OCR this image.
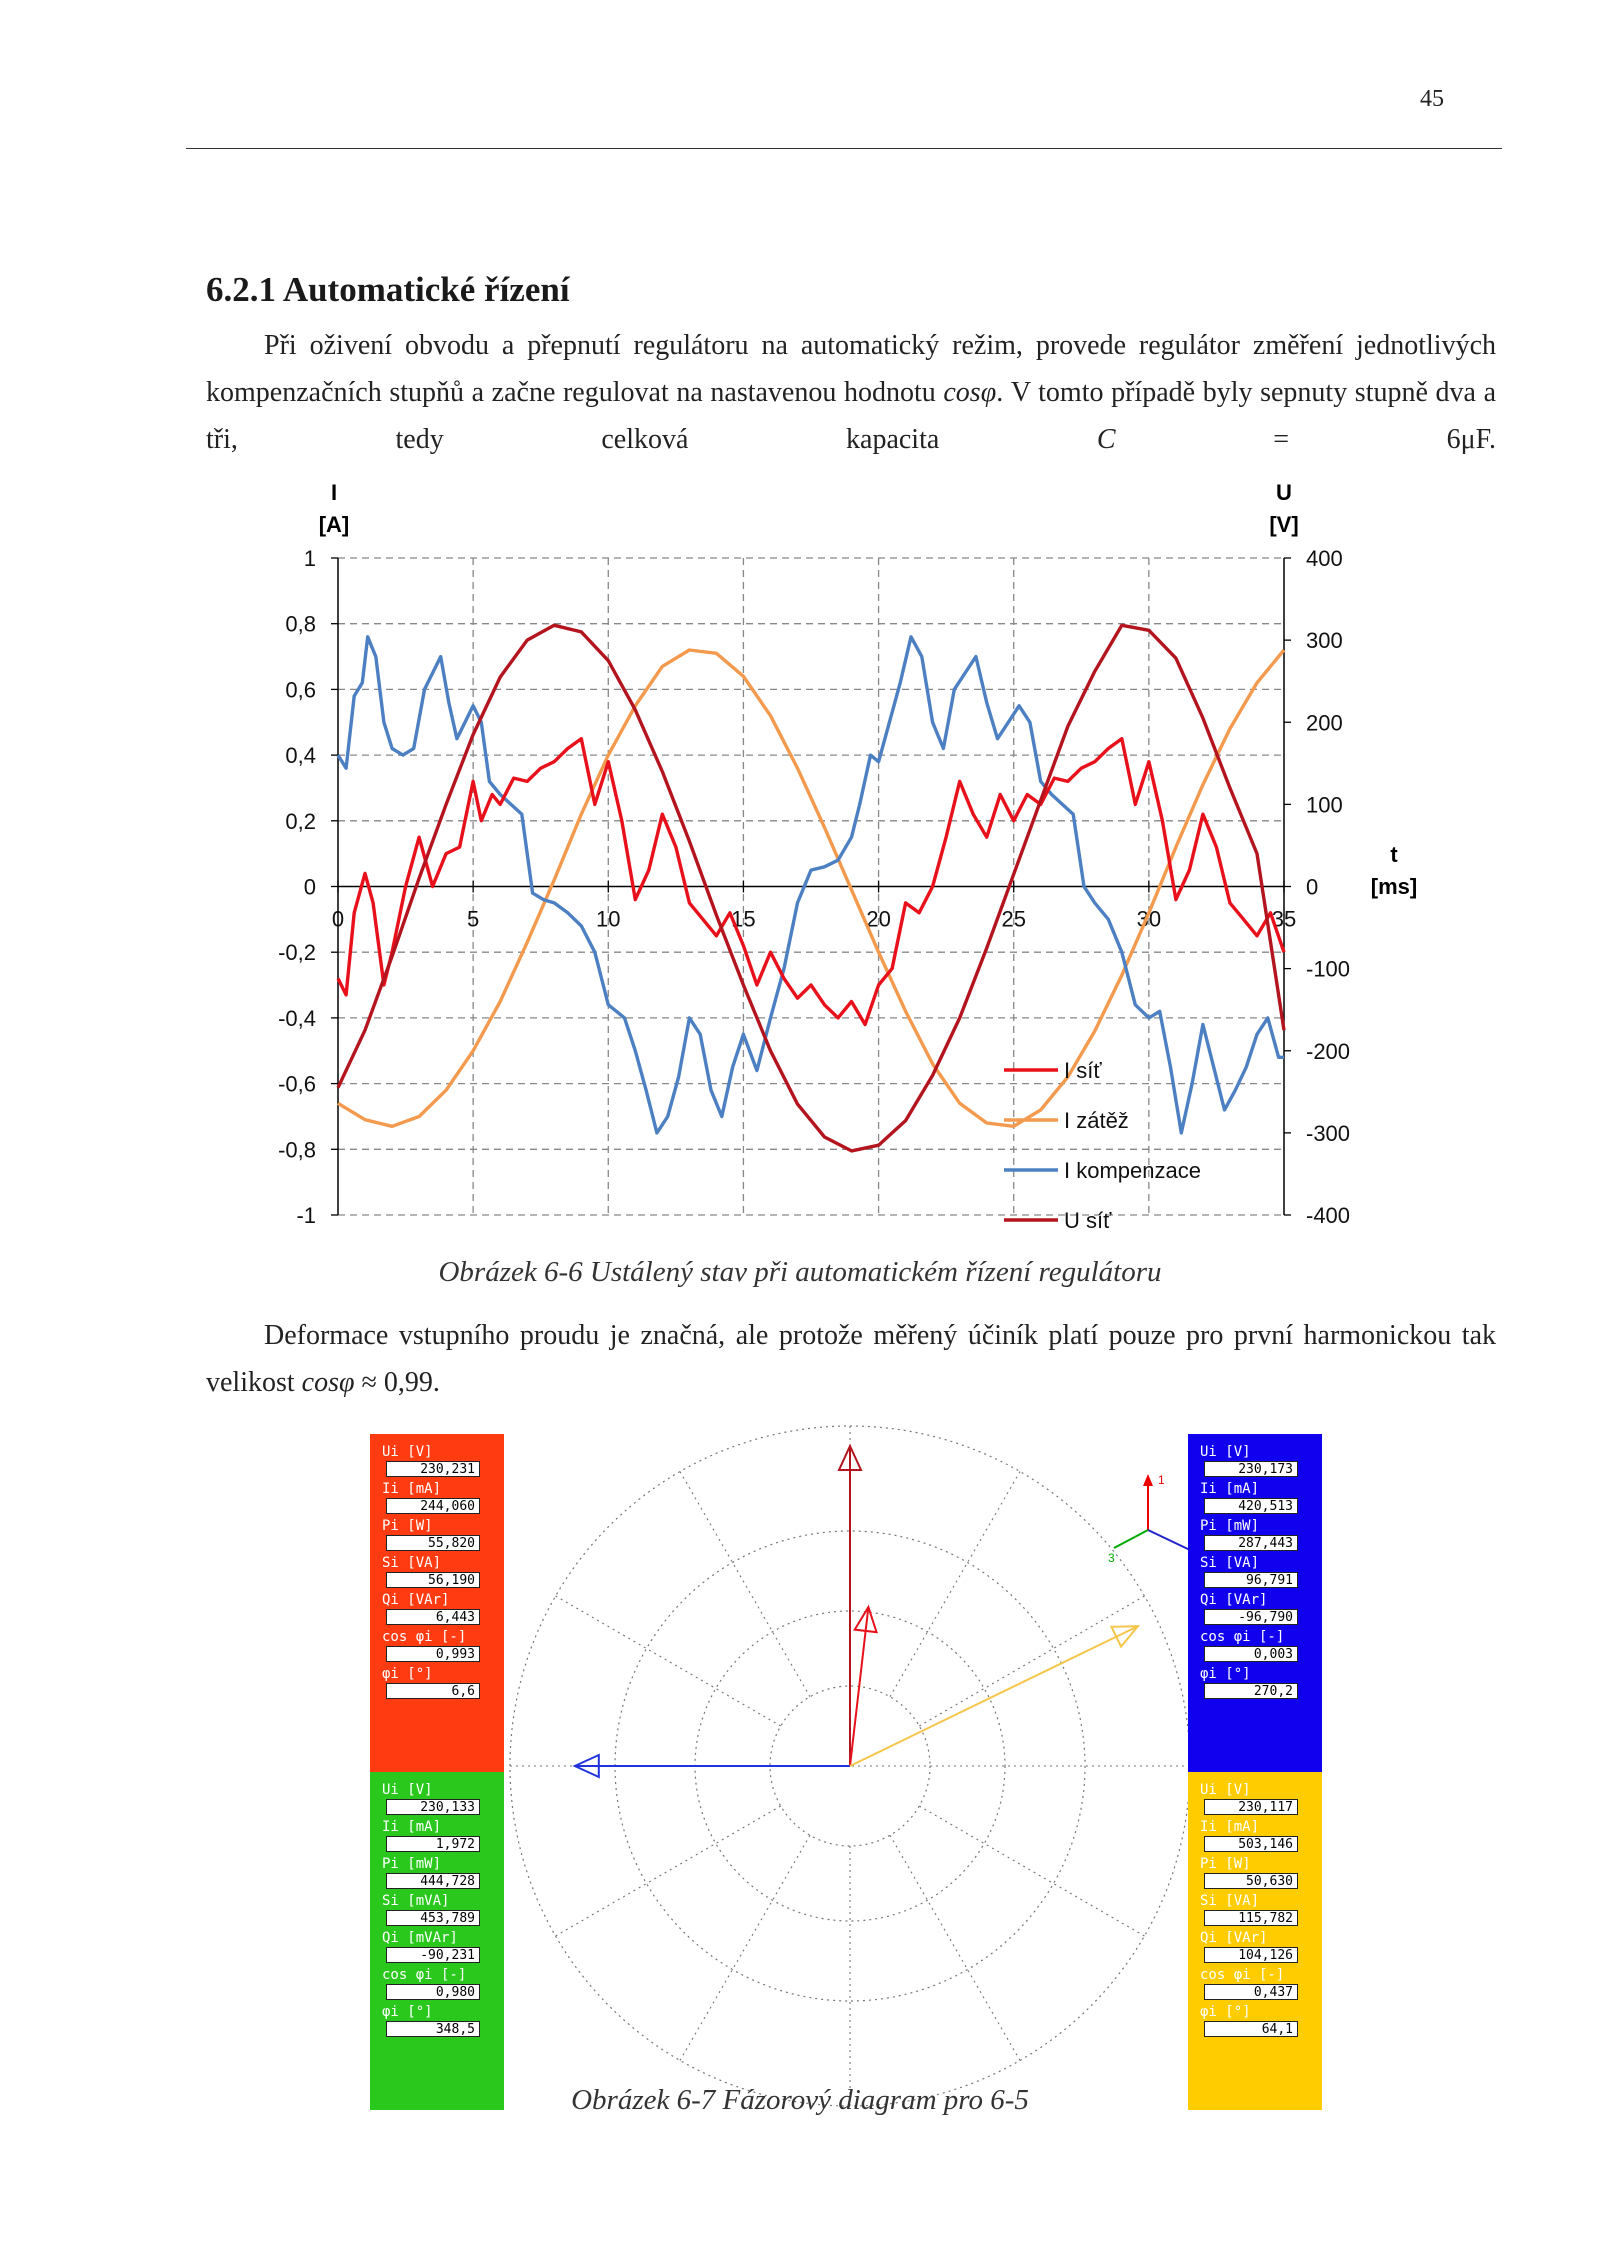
45
6.2.1 Automatické řízení

Při oživení obvodu a přepnutí regulátoru na automatický režim, provede regulátor změření jednotlivých kompenzačních stupňů a začne regulovat na nastavenou hodnotu cosφ. V tomto případě byly sepnuty stupně dva a tři, tedy celková kapacita	C = 6μF.

1
0,8
0,6
0,4
0,2
0
-0,2
-0,4
-0,6
-0,8
-1
0	5	10	15	20	25	30	35
400
300
200
100
0
-100
-200
-300
-400
I
[A]
U
[V]
t
[ms]
I síť
I zátěž
I kompenzace
U síť
Obrázek 6-6 Ustálený stav při automatickém řízení regulátoru

Deformace vstupního proudu je značná, ale protože měřený účiník platí pouze pro první harmonickou tak velikost cosφ ≈ 0,99.

1
3
Ui [V]
230,231
Ii [mA]
244,060
Pi [W]
55,820
Si [VA]
56,190
Qi [VAr]
6,443
cos φi [-]
0,993
φi [°]
6,6
Ui [V]
230,173
Ii [mA]
420,513
Pi [mW]
287,443
Si [VA]
96,791
Qi [VAr]
-96,790
cos φi [-]
0,003
φi [°]
270,2
Ui [V]
230,133
Ii [mA]
1,972
Pi [mW]
444,728
Si [mVA]
453,789
Qi [mVAr]
-90,231
cos φi [-]
0,980
φi [°]
348,5
Ui [V]
230,117
Ii [mA]
503,146
Pi [W]
50,630
Si [VA]
115,782
Qi [VAr]
104,126
cos φi [-]
0,437
φi [°]
64,1
Obrázek 6-7 Fázorový diagram pro 6-5
